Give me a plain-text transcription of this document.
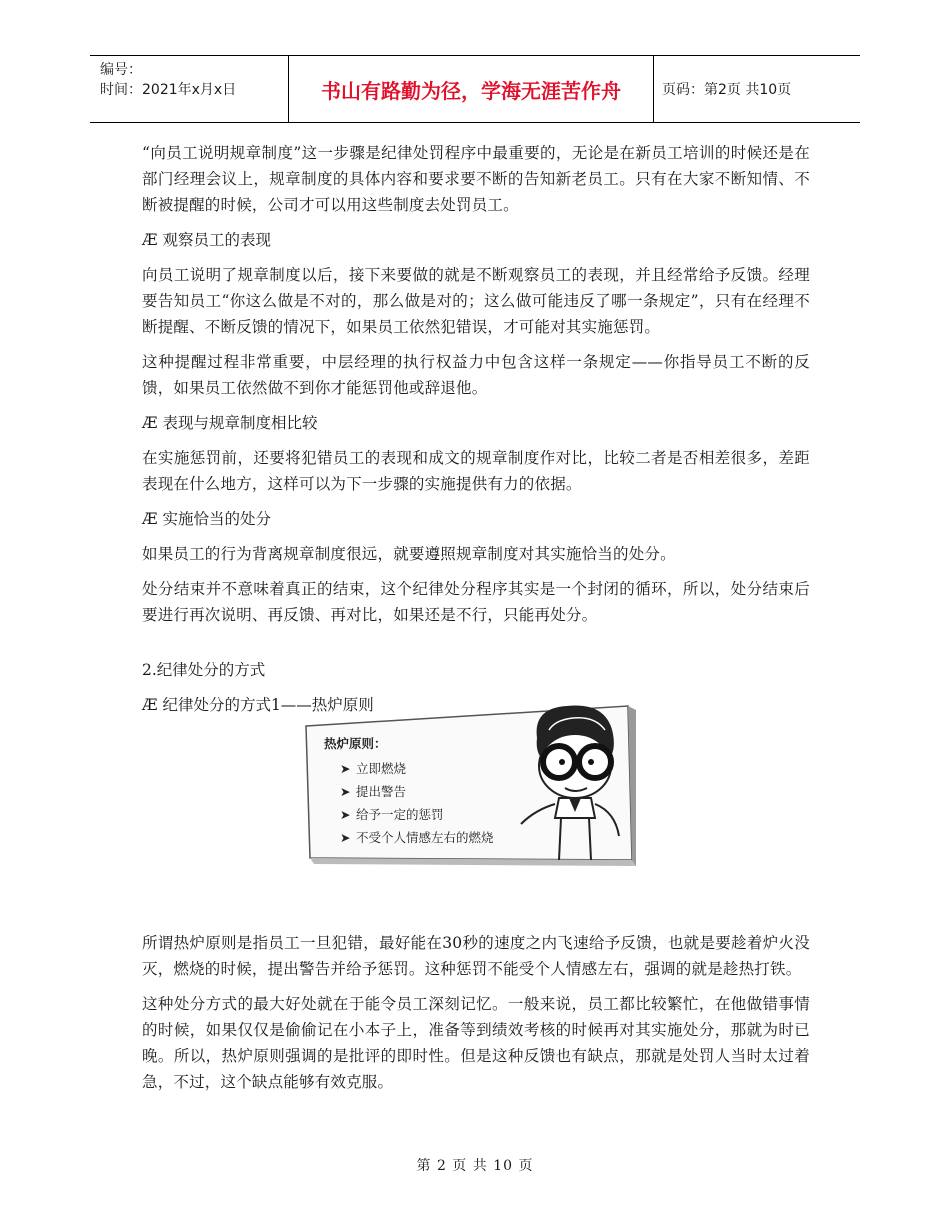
编号：
时间：2021年x月x日	书山有路勤为径，学海无涯苦作舟	页码：第2页 共10页

“向员工说明规章制度”这一步骤是纪律处罚程序中最重要的，无论是在新员工培训的时候还是在部门经理会议上，规章制度的具体内容和要求要不断的告知新老员工。只有在大家不断知情、不断被提醒的时候，公司才可以用这些制度去处罚员工。

Æ 观察员工的表现

向员工说明了规章制度以后，接下来要做的就是不断观察员工的表现，并且经常给予反馈。经理要告知员工“你这么做是不对的，那么做是对的；这么做可能违反了哪一条规定”，只有在经理不断提醒、不断反馈的情况下，如果员工依然犯错误，才可能对其实施惩罚。

这种提醒过程非常重要，中层经理的执行权益力中包含这样一条规定——你指导员工不断的反馈，如果员工依然做不到你才能惩罚他或辞退他。

Æ 表现与规章制度相比较

在实施惩罚前，还要将犯错员工的表现和成文的规章制度作对比，比较二者是否相差很多，差距表现在什么地方，这样可以为下一步骤的实施提供有力的依据。

Æ 实施恰当的处分

如果员工的行为背离规章制度很远，就要遵照规章制度对其实施恰当的处分。

处分结束并不意味着真正的结束，这个纪律处分程序其实是一个封闭的循环，所以，处分结束后要进行再次说明、再反馈、再对比，如果还是不行，只能再处分。

2.纪律处分的方式

Æ 纪律处分的方式1——热炉原则

热炉原则：
➤ 立即燃烧
➤ 提出警告
➤ 给予一定的惩罚
➤ 不受个人情感左右的燃烧

所谓热炉原则是指员工一旦犯错，最好能在30秒的速度之内飞速给予反馈，也就是要趁着炉火没灭，燃烧的时候，提出警告并给予惩罚。这种惩罚不能受个人情感左右，强调的就是趁热打铁。

这种处分方式的最大好处就在于能令员工深刻记忆。一般来说，员工都比较繁忙，在他做错事情的时候，如果仅仅是偷偷记在小本子上，准备等到绩效考核的时候再对其实施处分，那就为时已晚。所以，热炉原则强调的是批评的即时性。但是这种反馈也有缺点，那就是处罚人当时太过着急，不过，这个缺点能够有效克服。

第 2 页 共 10 页
